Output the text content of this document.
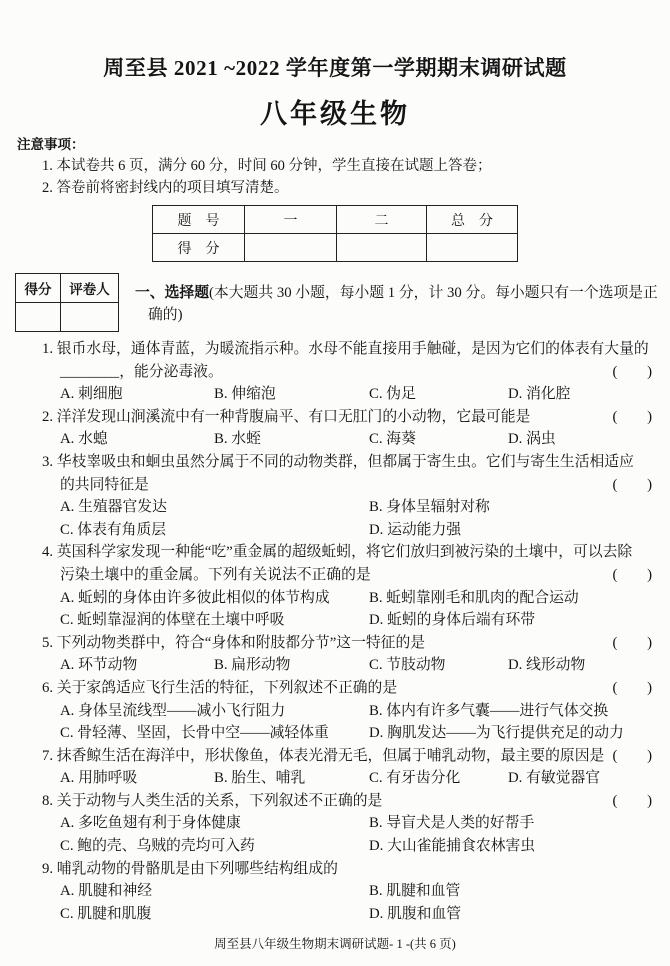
周至县 2021 ~2022 学年度第一学期期末调研试题
八年级生物
注意事项：
1. 本试卷共 6 页，满分 60 分，时间 60 分钟，学生直接在试题上答卷；
2. 答卷前将密封线内的项目填写清楚。
题　号	一	二	总　分
得　分			
得分	评卷人
	一、选择题(本大题共 30 小题，每小题 1 分，计 30 分。每小题只有一个选项是正
确的)
1. 银币水母，通体青蓝，为暖流指示种。水母不能直接用手触碰，是因为它们的体表有大量的
________，能分泌毒液。	(　　)
A. 刺细胞	B. 伸缩泡	C. 伪足	D. 消化腔
2. 洋洋发现山涧溪流中有一种背腹扁平、有口无肛门的小动物，它最可能是	(　　)
A. 水螅	B. 水蛭	C. 海葵	D. 涡虫
3. 华枝睾吸虫和蛔虫虽然分属于不同的动物类群，但都属于寄生虫。它们与寄生生活相适应
的共同特征是	(　　)
A. 生殖器官发达	B. 身体呈辐射对称
C. 体表有角质层	D. 运动能力强
4. 英国科学家发现一种能“吃”重金属的超级蚯蚓，将它们放归到被污染的土壤中，可以去除
污染土壤中的重金属。下列有关说法不正确的是	(　　)
A. 蚯蚓的身体由许多彼此相似的体节构成	B. 蚯蚓靠刚毛和肌肉的配合运动
C. 蚯蚓靠湿润的体壁在土壤中呼吸	D. 蚯蚓的身体后端有环带
5. 下列动物类群中，符合“身体和附肢都分节”这一特征的是	(　　)
A. 环节动物	B. 扁形动物	C. 节肢动物	D. 线形动物
6. 关于家鸽适应飞行生活的特征，下列叙述不正确的是	(　　)
A. 身体呈流线型——减小飞行阻力	B. 体内有许多气囊——进行气体交换
C. 骨轻薄、坚固，长骨中空——减轻体重	D. 胸肌发达——为飞行提供充足的动力
7. 抹香鲸生活在海洋中，形状像鱼，体表光滑无毛，但属于哺乳动物，最主要的原因是 (　　)
A. 用肺呼吸	B. 胎生、哺乳	C. 有牙齿分化	D. 有敏觉器官
8. 关于动物与人类生活的关系，下列叙述不正确的是	(　　)
A. 多吃鱼翅有利于身体健康	B. 导盲犬是人类的好帮手
C. 鲍的壳、乌贼的壳均可入药	D. 大山雀能捕食农林害虫
9. 哺乳动物的骨骼肌是由下列哪些结构组成的
A. 肌腱和神经	B. 肌腱和血管
C. 肌腱和肌腹	D. 肌腹和血管
周至县八年级生物期末调研试题- 1 -(共 6 页)
